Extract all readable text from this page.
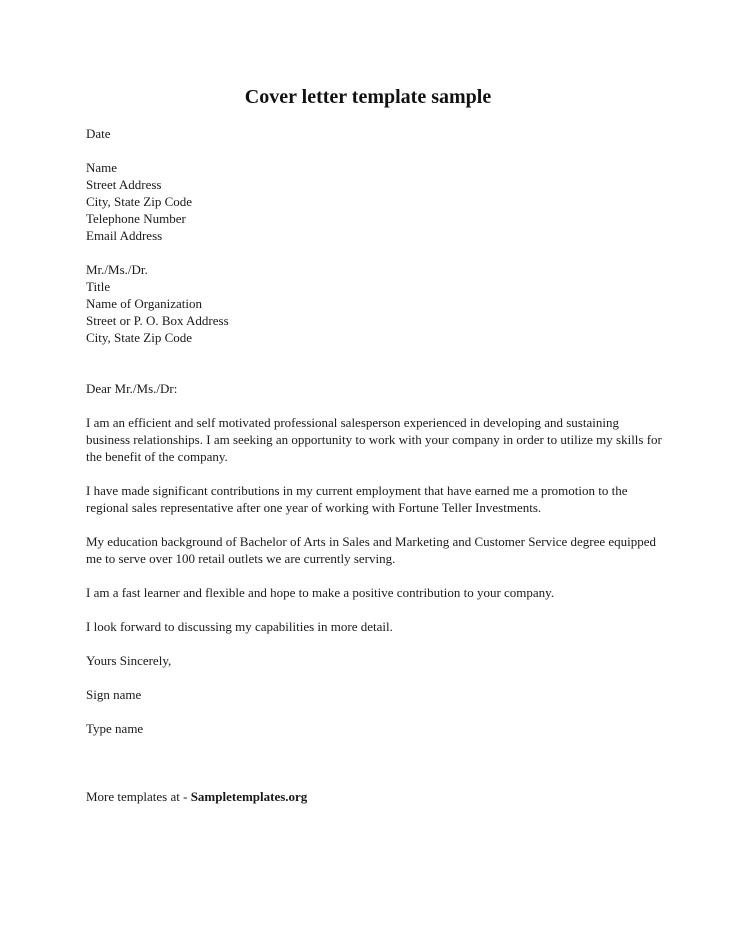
Cover letter template sample
Date
Name
Street Address
City, State Zip Code
Telephone Number
Email Address
Mr./Ms./Dr.
Title
Name of Organization
Street or P. O. Box Address
City, State Zip Code
Dear Mr./Ms./Dr:

I am an efficient and self motivated professional salesperson experienced in developing and sustaining business relationships. I am seeking an opportunity to work with your company in order to utilize my skills for the benefit of the company.

I have made significant contributions in my current employment that have earned me a promotion to the regional sales representative after one year of working with Fortune Teller Investments.

My education background of Bachelor of Arts in Sales and Marketing and Customer Service degree equipped me to serve over 100 retail outlets we are currently serving.

I am a fast learner and flexible and hope to make a positive contribution to your company.

I look forward to discussing my capabilities in more detail.

Yours Sincerely,
Sign name
Type name
More templates at - Sampletemplates.org
